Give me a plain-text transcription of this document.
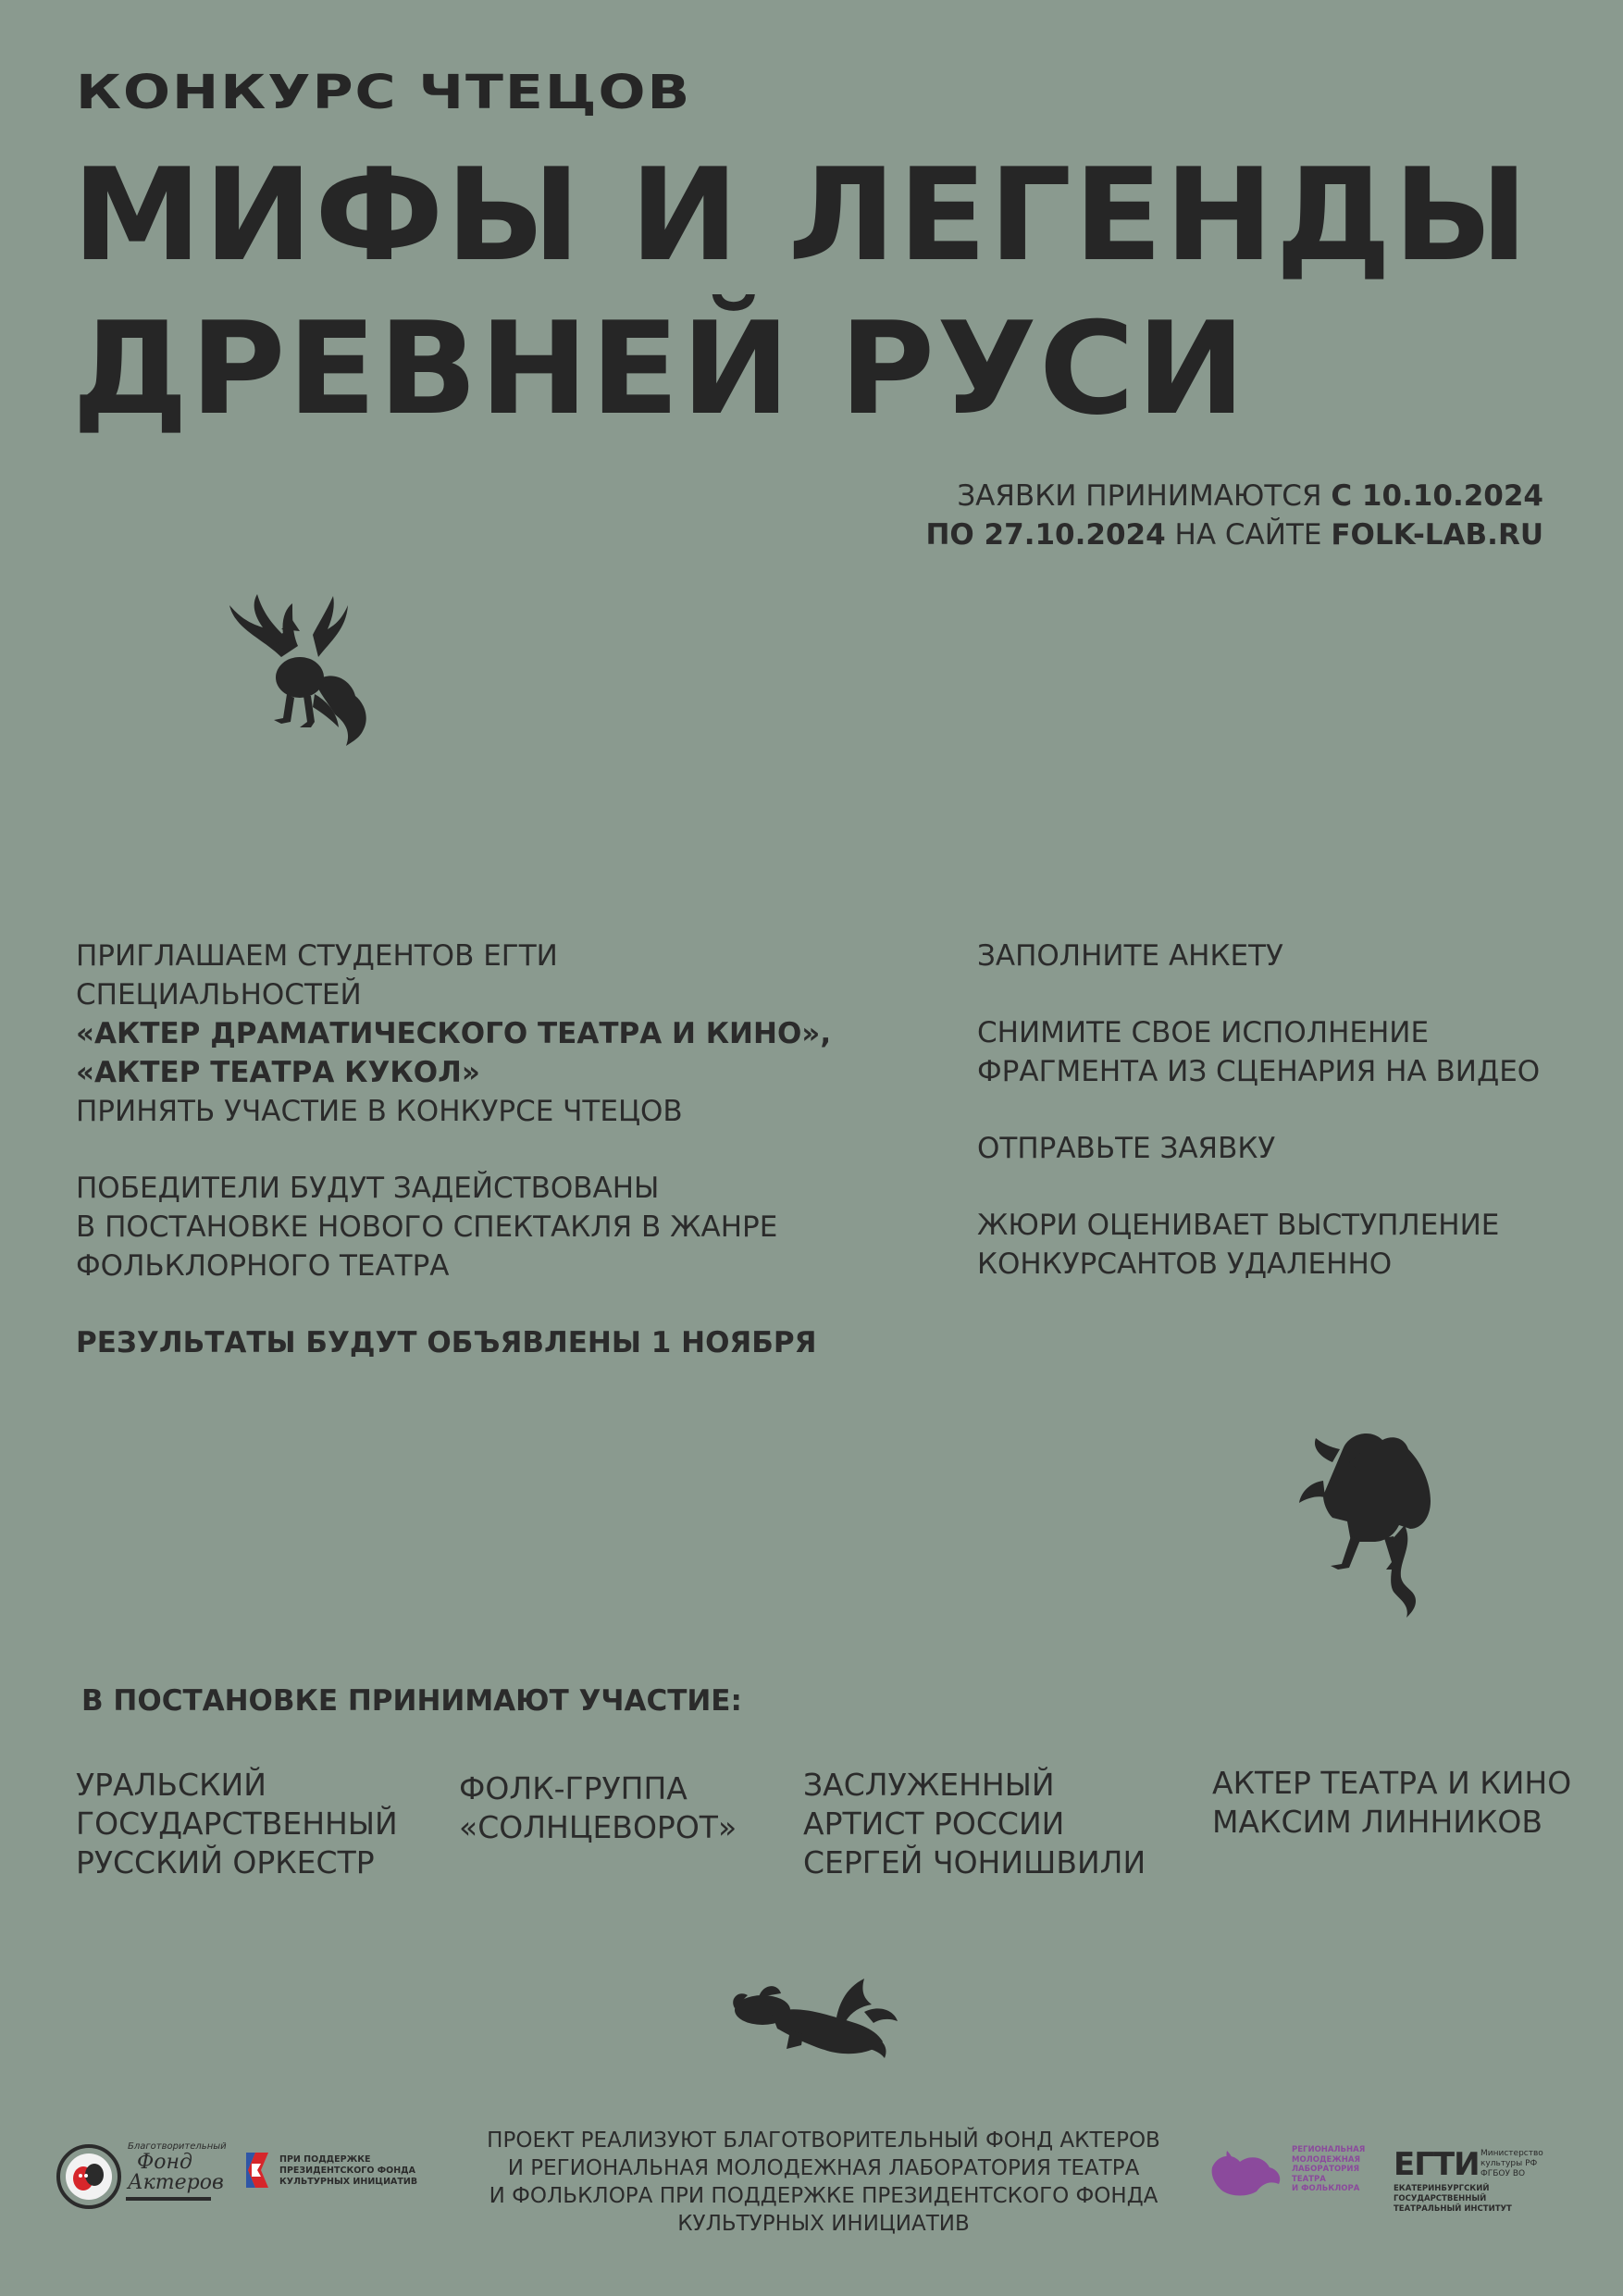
КОНКУРС ЧТЕЦОВ
МИФЫ И ЛЕГЕНДЫ
ДРЕВНЕЙ РУСИ
ЗАЯВКИ ПРИНИМАЮТСЯ С 10.10.2024
ПО 27.10.2024 НА САЙТЕ FOLK-LAB.RU

ПРИГЛАШАЕМ СТУДЕНТОВ ЕГТИ
СПЕЦИАЛЬНОСТЕЙ
«АКТЕР ДРАМАТИЧЕСКОГО ТЕАТРА И КИНО»,
«АКТЕР ТЕАТРА КУКОЛ»
ПРИНЯТЬ УЧАСТИЕ В КОНКУРСЕ ЧТЕЦОВ

ПОБЕДИТЕЛИ БУДУТ ЗАДЕЙСТВОВАНЫ
В ПОСТАНОВКЕ НОВОГО СПЕКТАКЛЯ В ЖАНРЕ
ФОЛЬКЛОРНОГО ТЕАТРА

РЕЗУЛЬТАТЫ БУДУТ ОБЪЯВЛЕНЫ 1 НОЯБРЯ

ЗАПОЛНИТЕ АНКЕТУ

СНИМИТЕ СВОЕ ИСПОЛНЕНИЕ
ФРАГМЕНТА ИЗ СЦЕНАРИЯ НА ВИДЕО

ОТПРАВЬТЕ ЗАЯВКУ

ЖЮРИ ОЦЕНИВАЕТ ВЫСТУПЛЕНИЕ
КОНКУРСАНТОВ УДАЛЕННО

В ПОСТАНОВКЕ ПРИНИМАЮТ УЧАСТИЕ:
УРАЛЬСКИЙ
ГОСУДАРСТВЕННЫЙ
РУССКИЙ ОРКЕСТР
ФОЛК-ГРУППА
«СОЛНЦЕВОРОТ»
ЗАСЛУЖЕННЫЙ
АРТИСТ РОССИИ
СЕРГЕЙ ЧОНИШВИЛИ
АКТЕР ТЕАТРА И КИНО
МАКСИМ ЛИННИКОВ
ПРОЕКТ РЕАЛИЗУЮТ БЛАГОТВОРИТЕЛЬНЫЙ ФОНД АКТЕРОВ
И РЕГИОНАЛЬНАЯ МОЛОДЕЖНАЯ ЛАБОРАТОРИЯ ТЕАТРА
И ФОЛЬКЛОРА ПРИ ПОДДЕРЖКЕ ПРЕЗИДЕНТСКОГО ФОНДА
КУЛЬТУРНЫХ ИНИЦИАТИВ
Благотворительный
Фонд
Актеров
ПРИ ПОДДЕРЖКЕ
ПРЕЗИДЕНТСКОГО ФОНДА
КУЛЬТУРНЫХ ИНИЦИАТИВ
РЕГИОНАЛЬНАЯ
МОЛОДЕЖНАЯ
ЛАБОРАТОРИЯ
ТЕАТРА
И ФОЛЬКЛОРА
ЕГТИ Министерство
культуры РФ
ФГБОУ ВО
ЕКАТЕРИНБУРГСКИЙ ГОСУДАРСТВЕННЫЙ
ТЕАТРАЛЬНЫЙ ИНСТИТУТ
